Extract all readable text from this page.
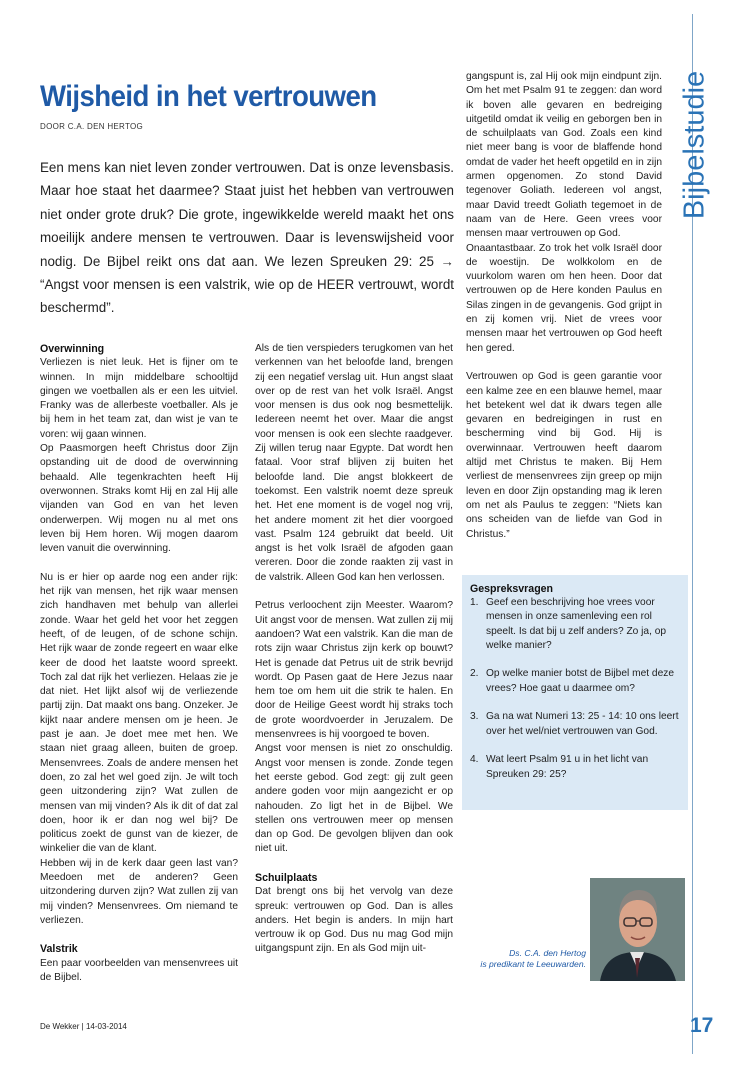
Bijbelstudie
Wijsheid in het vertrouwen
DOOR C.A. DEN HERTOG
Een mens kan niet leven zonder vertrouwen. Dat is onze levensbasis. Maar hoe staat het daarmee? Staat juist het hebben van vertrouwen niet onder grote druk? Die grote, ingewikkelde wereld maakt het ons moeilijk andere mensen te vertrouwen. Daar is levenswijsheid voor nodig. De Bijbel reikt ons dat aan. We lezen Spreuken 29: 25 → “Angst voor mensen is een valstrik, wie op de HEER vertrouwt, wordt beschermd”.
Overwinning

Verliezen is niet leuk. Het is fijner om te winnen. In mijn middelbare schooltijd gingen we voetballen als er een les uitviel. Franky was de allerbeste voetballer. Als je bij hem in het team zat, dan wist je van te voren: wij gaan winnen.

Op Paasmorgen heeft Christus door Zijn opstanding uit de dood de overwinning behaald. Alle tegenkrachten heeft Hij overwonnen. Straks komt Hij en zal Hij alle vijanden van God en van het leven onderwerpen. Wij mogen nu al met ons leven bij Hem horen. Wij mogen daarom leven vanuit die overwinning.

Nu is er hier op aarde nog een ander rijk: het rijk van mensen, het rijk waar mensen zich handhaven met behulp van allerlei zonde. Waar het geld het voor het zeggen heeft, of de leugen, of de schone schijn. Het rijk waar de zonde regeert en waar elke keer de dood het laatste woord spreekt. Toch zal dat rijk het verliezen. Helaas zie je dat niet. Het lijkt alsof wij de verliezende partij zijn. Dat maakt ons bang. Onzeker. Je kijkt naar andere mensen om je heen. Je past je aan. Je doet mee met hen. We staan niet graag alleen, buiten de groep. Mensenvrees. Zoals de andere mensen het doen, zo zal het wel goed zijn. Je wilt toch geen uitzondering zijn? Wat zullen de mensen van mij vinden? Als ik dit of dat zal doen, hoor ik er dan nog wel bij? De politicus zoekt de gunst van de kiezer, de winkelier die van de klant.

Hebben wij in de kerk daar geen last van? Meedoen met de anderen? Geen uitzondering durven zijn? Wat zullen zij van mij vinden? Mensenvrees. Om niemand te verliezen.

Valstrik

Een paar voorbeelden van mensenvrees uit de Bijbel.

Als de tien verspieders terugkomen van het verkennen van het beloofde land, brengen zij een negatief verslag uit. Hun angst slaat over op de rest van het volk Israël. Angst voor mensen is dus ook nog besmettelijk. Iedereen neemt het over. Maar die angst voor mensen is ook een slechte raadgever. Zij willen terug naar Egypte. Dat wordt hen fataal. Voor straf blijven zij buiten het beloofde land. Die angst blokkeert de toekomst. Een valstrik noemt deze spreuk het. Het ene moment is de vogel nog vrij, het andere moment zit het dier voorgoed vast. Psalm 124 gebruikt dat beeld. Uit angst is het volk Israël de afgoden gaan vereren. Door die zonde raakten zij vast in de valstrik. Alleen God kan hen verlossen.

Petrus verloochent zijn Meester. Waarom? Uit angst voor de mensen. Wat zullen zij mij aandoen? Wat een valstrik. Kan die man de rots zijn waar Christus zijn kerk op bouwt? Het is genade dat Petrus uit de strik bevrijd wordt. Op Pasen gaat de Here Jezus naar hem toe om hem uit die strik te halen. En door de Heilige Geest wordt hij straks toch de grote woordvoerder in Jeruzalem. De mensenvrees is hij voorgoed te boven.

Angst voor mensen is niet zo onschuldig. Angst voor mensen is zonde. Zonde tegen het eerste gebod. God zegt: gij zult geen andere goden voor mijn aangezicht er op nahouden. Zo ligt het in de Bijbel. We stellen ons vertrouwen meer op mensen dan op God. De gevolgen blijven dan ook niet uit.

Schuilplaats

Dat brengt ons bij het vervolg van deze spreuk: vertrouwen op God. Dan is alles anders. Het begin is anders. In mijn hart vertrouw ik op God. Dus nu mag God mijn uitgangspunt zijn. En als God mijn uit-

gangspunt is, zal Hij ook mijn eindpunt zijn. Om het met Psalm 91 te zeggen: dan word ik boven alle gevaren en bedreiging uitgetild omdat ik veilig en geborgen ben in de schuilplaats van God. Zoals een kind niet meer bang is voor de blaffende hond omdat de vader het heeft opgetild en in zijn armen opgenomen. Zo stond David tegenover Goliath. Iedereen vol angst, maar David treedt Goliath tegemoet in de naam van de Here. Geen vrees voor mensen maar vertrouwen op God.

Onaantastbaar. Zo trok het volk Israël door de woestijn. De wolkkolom en de vuurkolom waren om hen heen. Door dat vertrouwen op de Here konden Paulus en Silas zingen in de gevangenis. God grijpt in en zij komen vrij. Niet de vrees voor mensen maar het vertrouwen op God heeft hen gered.

Vertrouwen op God is geen garantie voor een kalme zee en een blauwe hemel, maar het betekent wel dat ik dwars tegen alle gevaren en bedreigingen in rust en bescherming vind bij God. Hij is overwinnaar. Vertrouwen heeft daarom altijd met Christus te maken. Bij Hem verliest de mensenvrees zijn greep op mijn leven en door Zijn opstanding mag ik leren om net als Paulus te zeggen: “Niets kan ons scheiden van de liefde van God in Christus.”

Gespreksvragen
1. Geef een beschrijving hoe vrees voor mensen in onze samenleving een rol speelt. Is dat bij u zelf anders? Zo ja, op welke manier?
2. Op welke manier botst de Bijbel met deze vrees? Hoe gaat u daarmee om?
3. Ga na wat Numeri 13: 25 - 14: 10 ons leert over het wel/niet vertrouwen van God.
4. Wat leert Psalm 91 u in het licht van Spreuken 29: 25?
Ds. C.A. den Hertog
is predikant te Leeuwarden.
De Wekker | 14-03-2014	17
